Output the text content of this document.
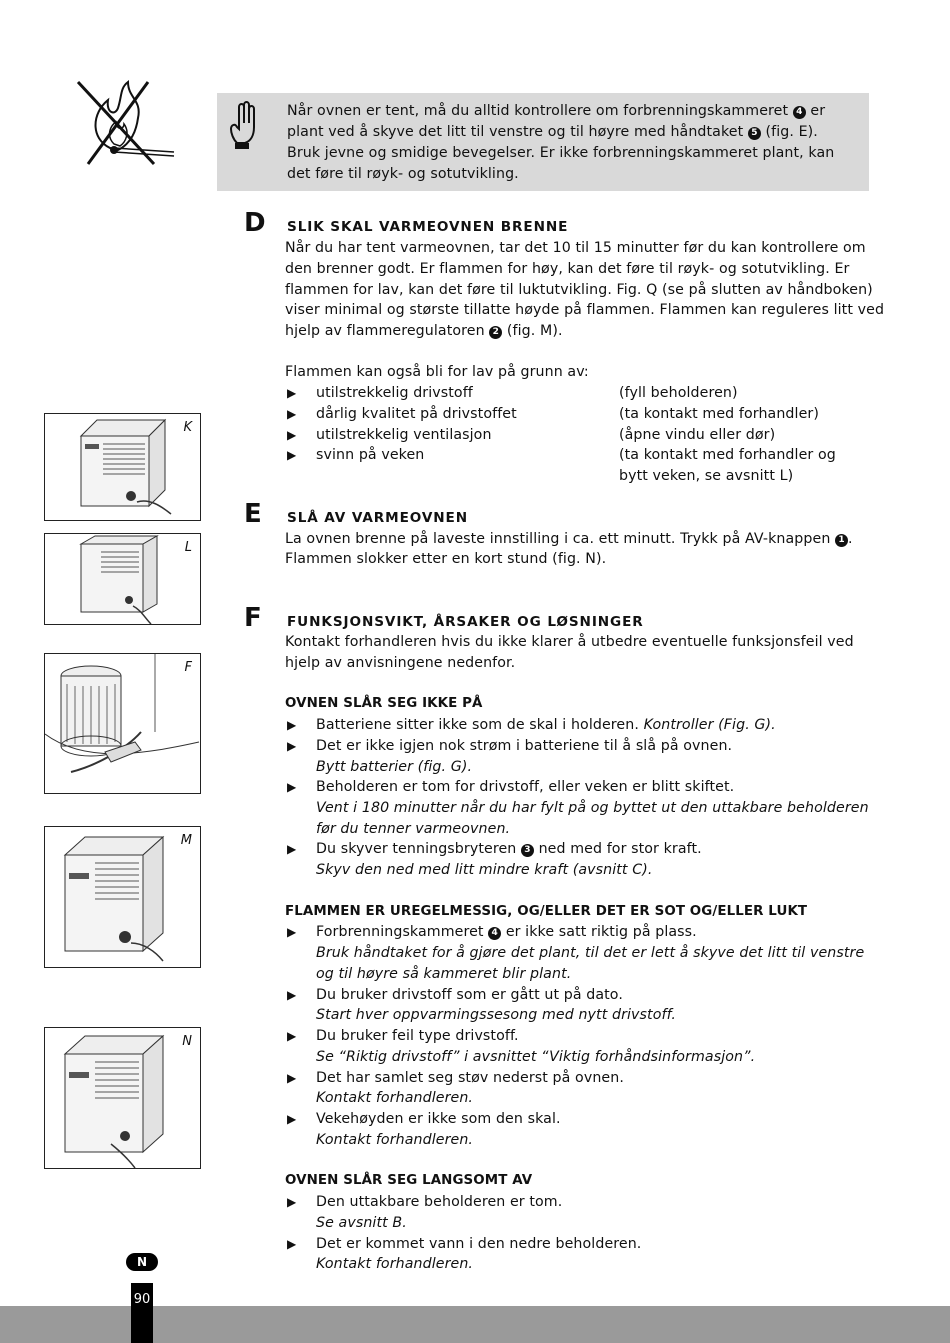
Når ovnen er tent, må du alltid kontrollere om forbrenningskammeret 4 er
plant ved å skyve det litt til venstre og til høyre med håndtaket 5 (fig. E).
Bruk jevne og smidige bevegelser. Er ikke forbrenningskammeret plant, kan
det føre til røyk- og sotutvikling.
D SLIK SKAL VARMEOVNEN BRENNE
Når du har tent varmeovnen, tar det 10 til 15 minutter før du kan kontrollere om
den brenner godt. Er flammen for høy, kan det føre til røyk- og sotutvikling. Er
flammen for lav, kan det føre til luktutvikling. Fig. Q (se på slutten av håndboken)
viser minimal og største tillatte høyde på flammen. Flammen kan reguleres litt ved
hjelp av flammeregulatoren 2 (fig. M).
Flammen kan også bli for lav på grunn av:
▶ utilstrekkelig drivstoff	(fyll beholderen)
▶ dårlig kvalitet på drivstoffet	(ta kontakt med forhandler)
▶ utilstrekkelig ventilasjon	(åpne vindu eller dør)
▶ svinn på veken	(ta kontakt med forhandler og
bytt veken, se avsnitt L)
E SLÅ AV VARMEOVNEN
La ovnen brenne på laveste innstilling i ca. ett minutt. Trykk på AV-knappen 1 .
Flammen slokker etter en kort stund (fig. N).
F FUNKSJONSVIKT, ÅRSAKER OG LØSNINGER
Kontakt forhandleren hvis du ikke klarer å utbedre eventuelle funksjonsfeil ved
hjelp av anvisningene nedenfor.
OVNEN SLÅR SEG IKKE PÅ
▶ Batteriene sitter ikke som de skal i holderen. Kontroller (Fig. G).
▶ Det er ikke igjen nok strøm i batteriene til å slå på ovnen.
Bytt batterier (fig. G).
▶ Beholderen er tom for drivstoff, eller veken er blitt skiftet.
Vent i 180 minutter når du har fylt på og byttet ut den uttakbare beholderen
før du tenner varmeovnen.
▶ Du skyver tenningsbryteren 3 ned med for stor kraft.
Skyv den ned med litt mindre kraft (avsnitt C).
FLAMMEN ER UREGELMESSIG, OG/ELLER DET ER SOT OG/ELLER LUKT
▶ Forbrenningskammeret 4 er ikke satt riktig på plass.
Bruk håndtaket for å gjøre det plant, til det er lett å skyve det litt til venstre
og til høyre så kammeret blir plant.
▶ Du bruker drivstoff som er gått ut på dato.
Start hver oppvarmingssesong med nytt drivstoff.
▶ Du bruker feil type drivstoff.
Se “Riktig drivstoff” i avsnittet “Viktig forhåndsinformasjon”.
▶ Det har samlet seg støv nederst på ovnen.
Kontakt forhandleren.
▶ Vekehøyden er ikke som den skal.
Kontakt forhandleren.
OVNEN SLÅR SEG LANGSOMT AV
▶ Den uttakbare beholderen er tom.
Se avsnitt B.
▶ Det er kommet vann i den nedre beholderen.
Kontakt forhandleren.
K
L
F
M
N
N
90
